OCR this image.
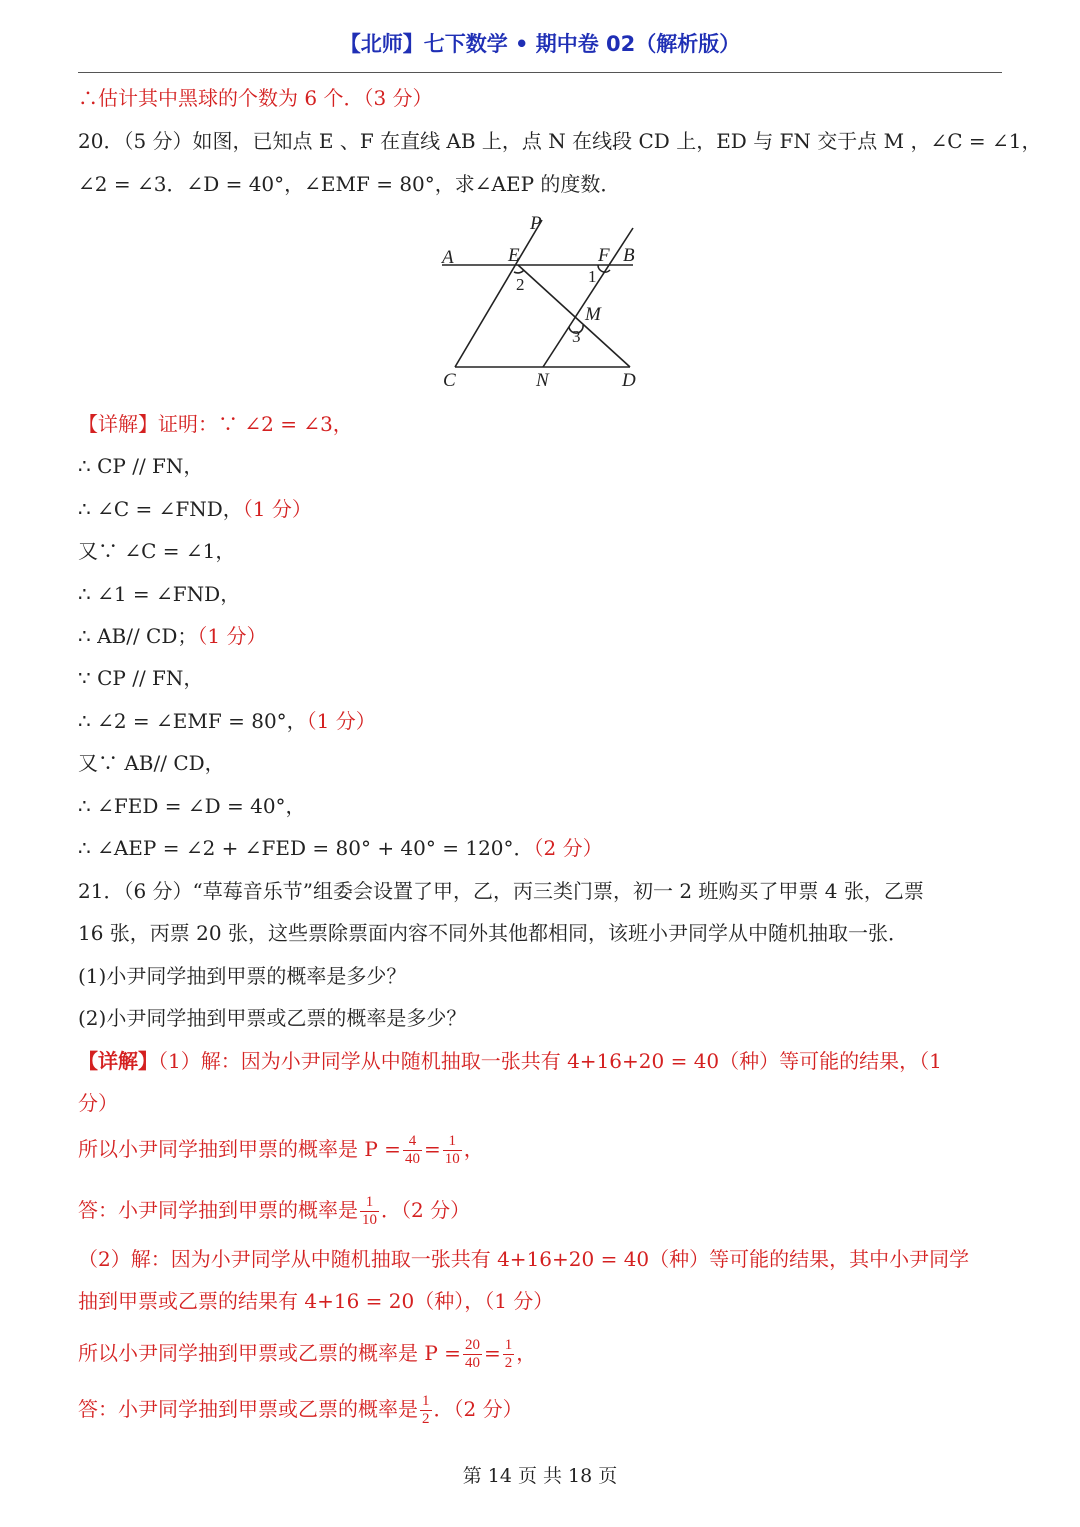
【北师】七下数学 • 期中卷 02（解析版）
∴估计其中黑球的个数为 6 个．（3 分）
20．（5 分）如图，已知点 E 、F 在直线 AB 上，点 N 在线段 CD 上，ED 与 FN 交于点 M ，∠C = ∠1，
∠2 = ∠3．∠D = 40°，∠EMF = 80°，求∠AEP 的度数．
P
A	E	F B
M
C	N	D
1
2
3
【详解】证明：∵ ∠2 = ∠3，
∴ CP // FN，
∴ ∠C = ∠FND，（1 分）
又∵ ∠C = ∠1，
∴ ∠1 = ∠FND，
∴ AB// CD；（1 分）
∵ CP // FN，
∴ ∠2 = ∠EMF = 80°，（1 分）
又∵ AB// CD，
∴ ∠FED = ∠D = 40°，
∴ ∠AEP = ∠2 + ∠FED = 80° + 40° = 120°．（2 分）
21．（6 分）“草莓音乐节”组委会设置了甲，乙，丙三类门票，初一 2 班购买了甲票 4 张，乙票
16 张，丙票 20 张，这些票除票面内容不同外其他都相同，该班小尹同学从中随机抽取一张．
(1)小尹同学抽到甲票的概率是多少？
(2)小尹同学抽到甲票或乙票的概率是多少？
【详解】（1）解：因为小尹同学从中随机抽取一张共有 4+16+20 = 40（种）等可能的结果，（1
分）
所以小尹同学抽到甲票的概率是 $P = \frac{4}{40} = \frac{1}{10}$ ，
答：小尹同学抽到甲票的概率是 $\frac{1}{10}$ ．（2 分）
（2）解：因为小尹同学从中随机抽取一张共有 4+16+20 = 40（种）等可能的结果，其中小尹同学
抽到甲票或乙票的结果有 4+16 = 20（种），（1 分）
所以小尹同学抽到甲票或乙票的概率是 $P = \frac{20}{40} = \frac{1}{2}$ ，
答：小尹同学抽到甲票或乙票的概率是 $\frac{1}{2}$ ．（2 分）
第 14 页 共 18 页
